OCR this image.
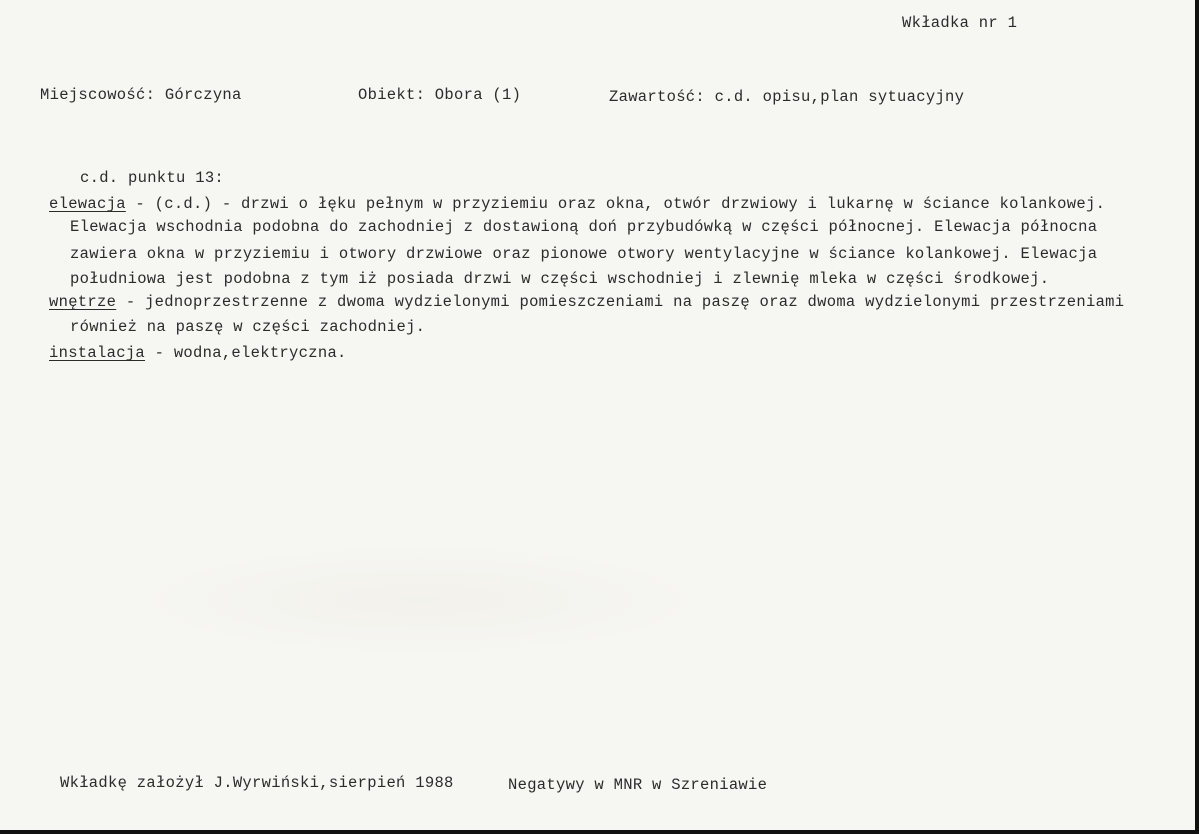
Wkładka nr 1
Miejscowość: Górczyna	Obiekt: Obora (1)	Zawartość: c.d. opisu,plan sytuacyjny
c.d. punktu 13:
elewacja - (c.d.) - drzwi o łęku pełnym w przyziemiu oraz okna, otwór drzwiowy i lukarnę w ściance kolankowej.
Elewacja wschodnia podobna do zachodniej z dostawioną doń przybudówką w części północnej. Elewacja północna
zawiera okna w przyziemiu i otwory drzwiowe oraz pionowe otwory wentylacyjne w ściance kolankowej. Elewacja
południowa jest podobna z tym iż posiada drzwi w części wschodniej i zlewnię mleka w części środkowej.
wnętrze - jednoprzestrzenne z dwoma wydzielonymi pomieszczeniami na paszę oraz dwoma wydzielonymi przestrzeniami
również na paszę w części zachodniej.
instalacja - wodna,elektryczna.
Wkładkę założył J.Wyrwiński,sierpień 1988	Negatywy w MNR w Szreniawie
